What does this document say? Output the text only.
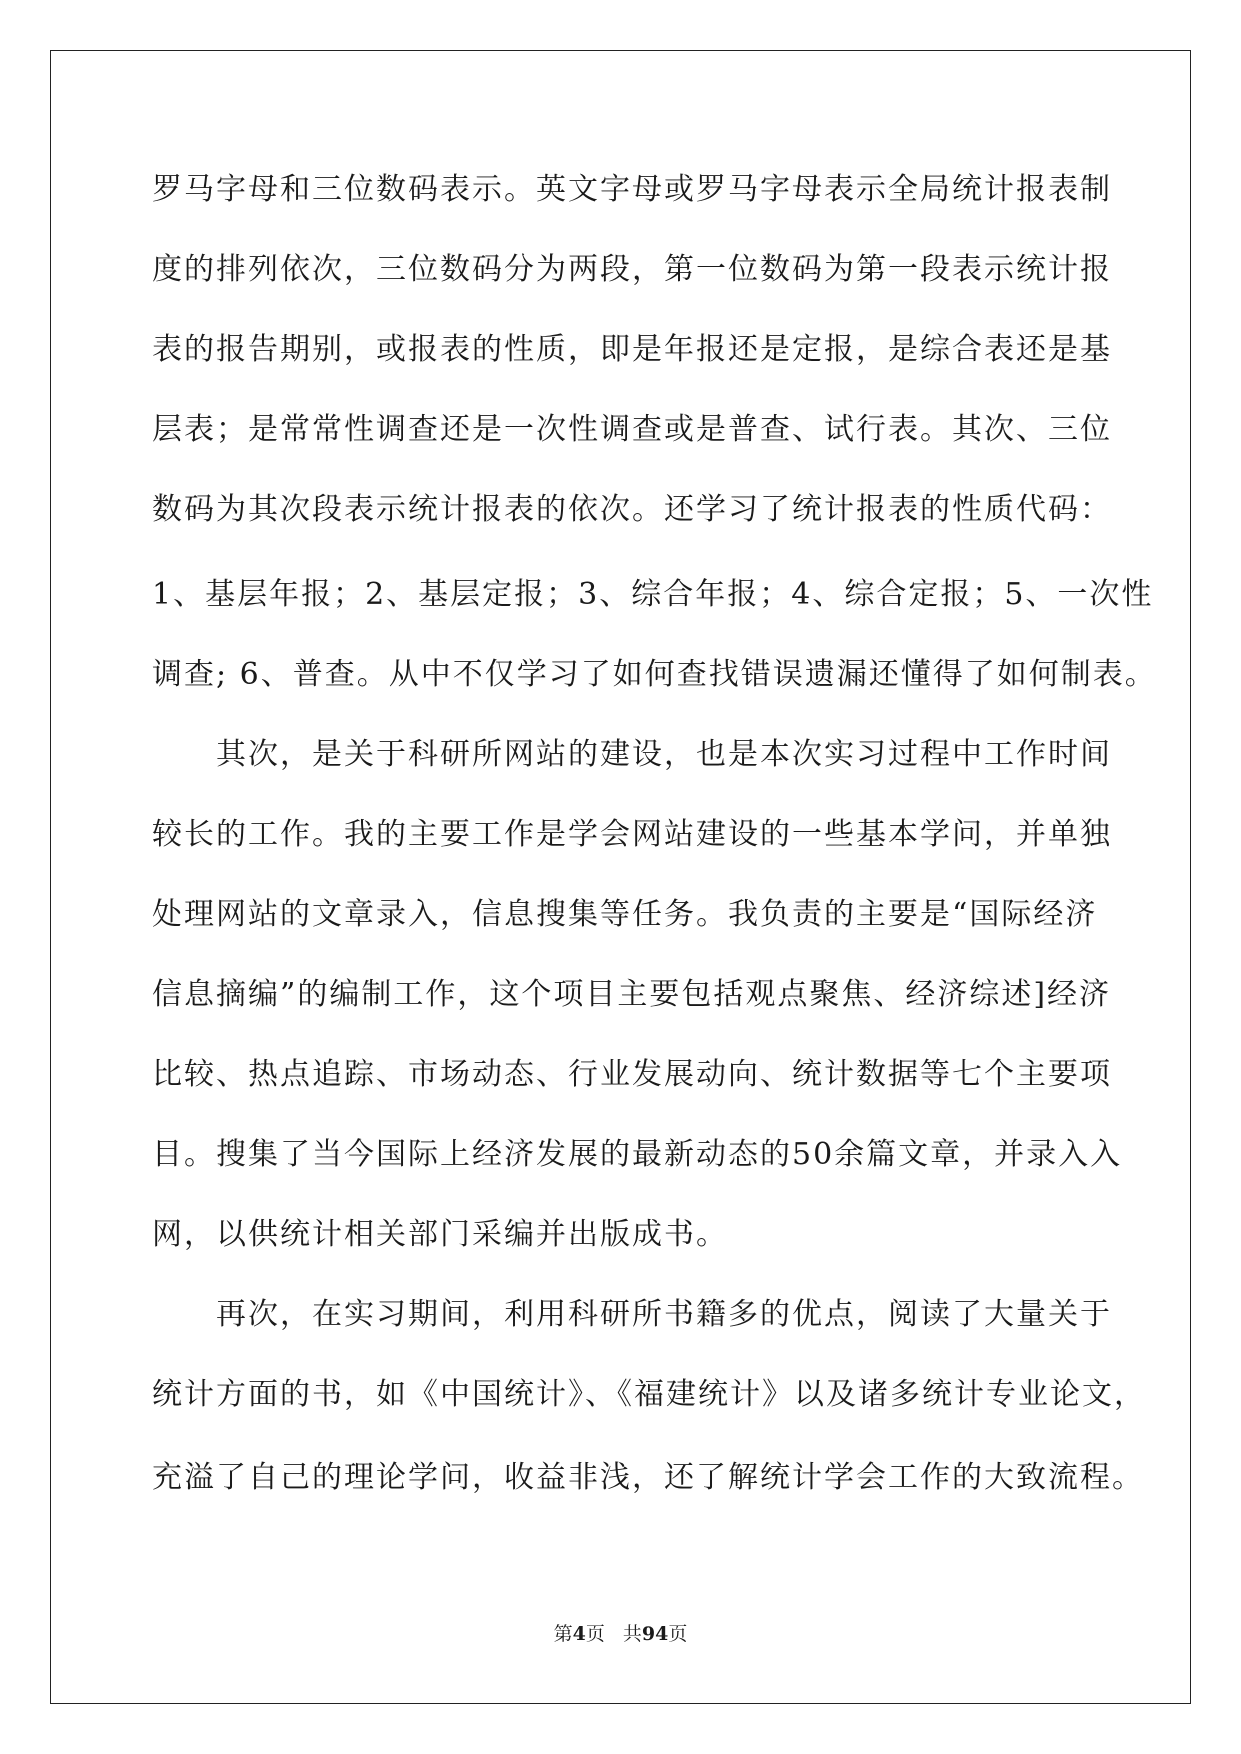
罗马字母和三位数码表示。英文字母或罗马字母表示全局统计报表制
度的排列依次，三位数码分为两段，第一位数码为第一段表示统计报
表的报告期别，或报表的性质，即是年报还是定报，是综合表还是基
层表；是常常性调查还是一次性调查或是普查、试行表。其次、三位
数码为其次段表示统计报表的依次。还学习了统计报表的性质代码：
1、基层年报；2、基层定报；3、综合年报；4、综合定报；5、一次性
调查; 6、普查。从中不仅学习了如何查找错误遗漏还懂得了如何制表。
　　其次，是关于科研所网站的建设，也是本次实习过程中工作时间
较长的工作。我的主要工作是学会网站建设的一些基本学问，并单独
处理网站的文章录入，信息搜集等任务。我负责的主要是“国际经济
信息摘编”的编制工作，这个项目主要包括观点聚焦、经济综述]经济
比较、热点追踪、市场动态、行业发展动向、统计数据等七个主要项
目。搜集了当今国际上经济发展的最新动态的50余篇文章，并录入入
网，以供统计相关部门采编并出版成书。
　　再次，在实习期间，利用科研所书籍多的优点，阅读了大量关于
统计方面的书，如《中国统计》、《福建统计》以及诸多统计专业论文，
充溢了自己的理论学问，收益非浅，还了解统计学会工作的大致流程。
第4页 共94页
